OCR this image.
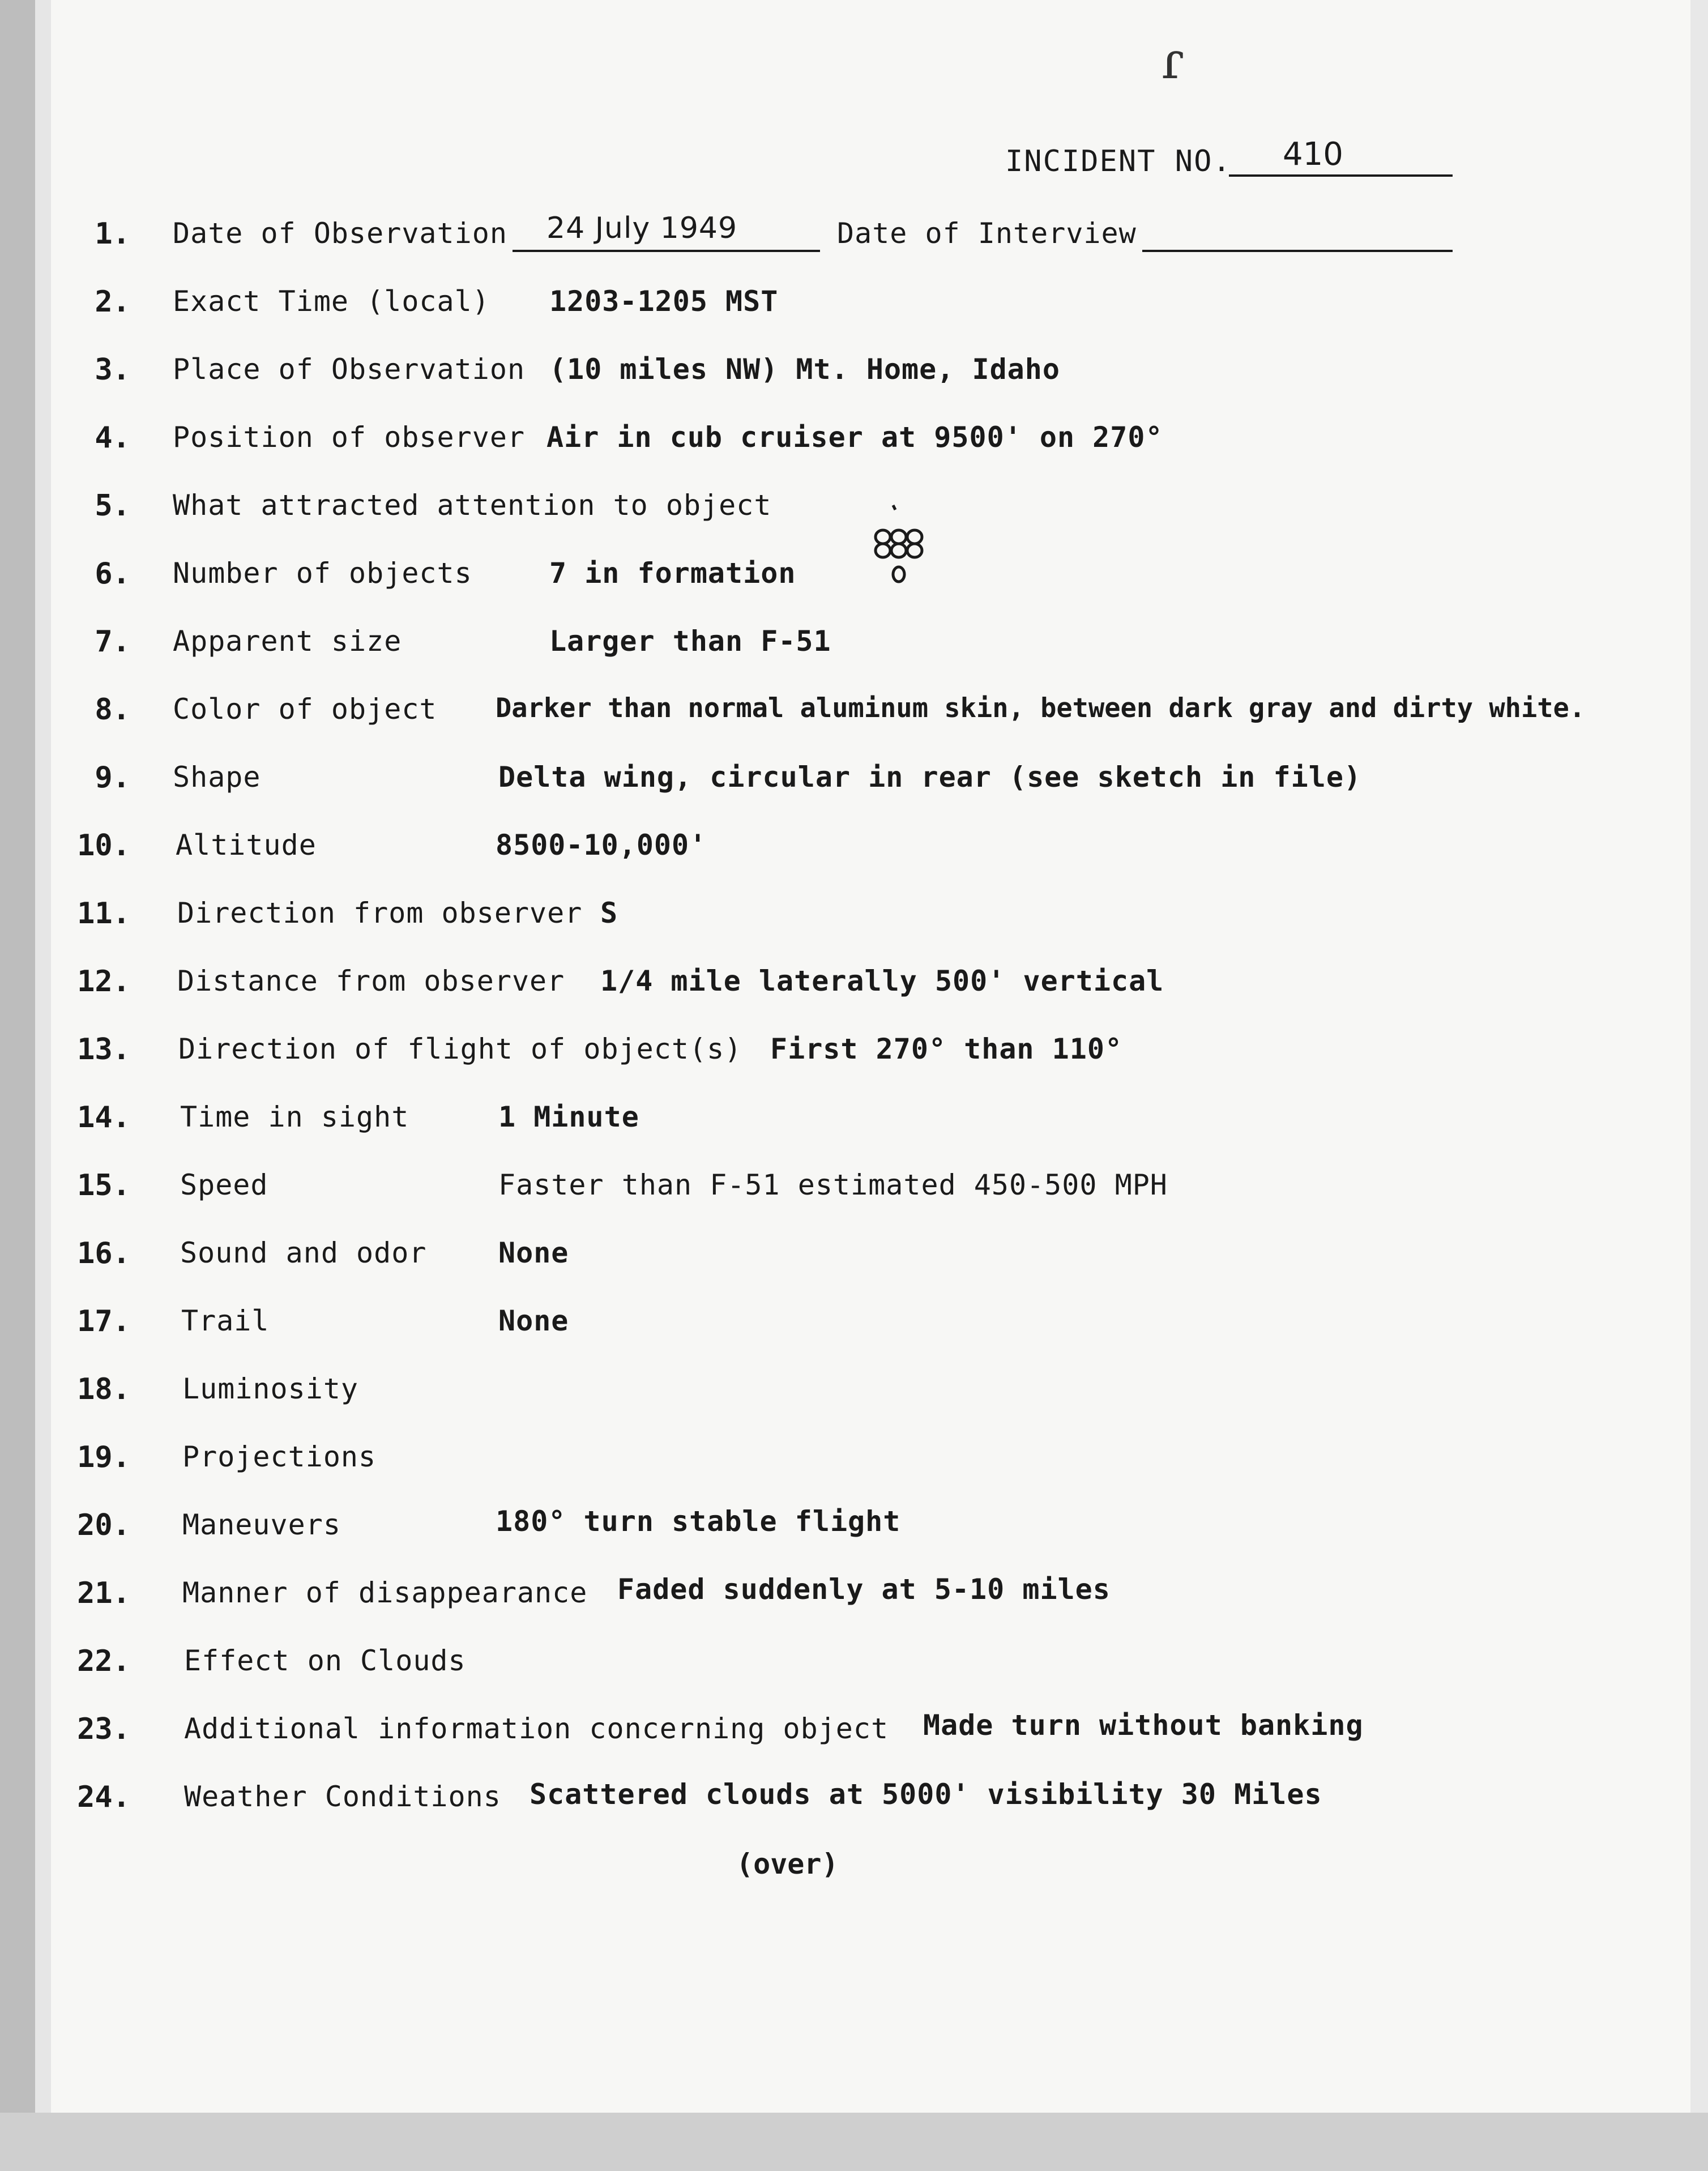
ɾ
INCIDENT NO.	410
1. Date of Observation 24 July 1949	Date of Interview
2. Exact Time (local) 1203-1205 MST
3. Place of Observation (10 miles NW) Mt. Home, Idaho
4. Position of observer Air in cub cruiser at 9500' on 270°
5. What attracted attention to object
6. Number of objects	7 in formation
7. Apparent size	Larger than F-51
8. Color of object Darker than normal aluminum skin, between dark gray and dirty white.
9. Shape	Delta wing, circular in rear (see sketch in file)
10. Altitude	8500-10,000'
11. Direction from observer S
12. Distance from observer 1/4 mile laterally 500' vertical
13. Direction of flight of object(s) First 270° than 110°
14. Time in sight	1 Minute
15. Speed	Faster than F-51 estimated 450-500 MPH
16. Sound and odor	None
17. Trail	None
18. Luminosity
19. Projections
20. Maneuvers	180° turn stable flight
21. Manner of disappearance Faded suddenly at 5-10 miles
22. Effect on Clouds
23. Additional information concerning object Made turn without banking
24. Weather Conditions Scattered clouds at 5000' visibility 30 Miles
(over)
